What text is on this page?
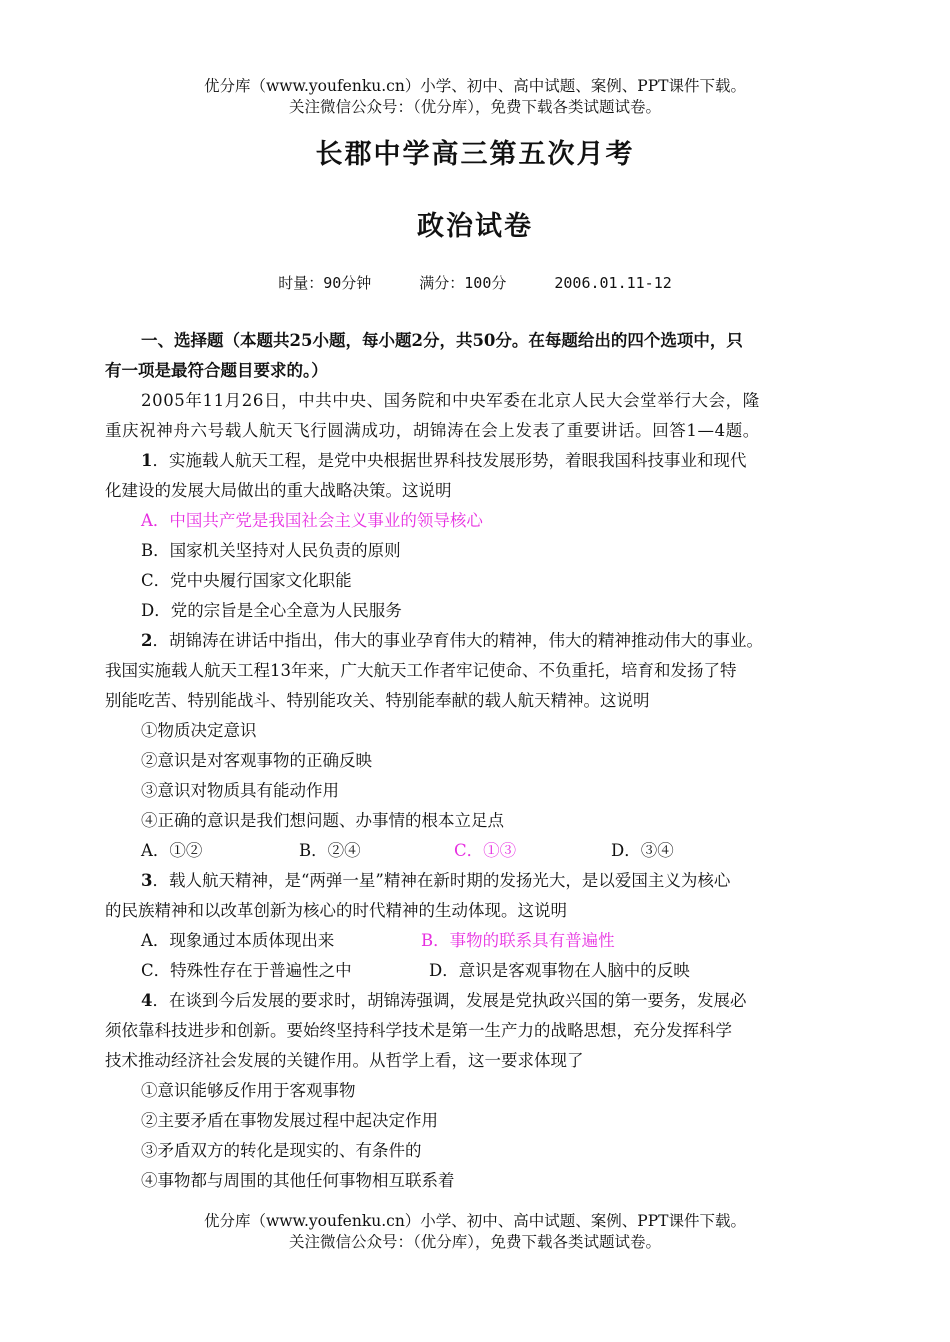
优分库（www.youfenku.cn）小学、初中、高中试题、案例、PPT课件下载。
关注微信公众号：（优分库），免费下载各类试题试卷。
长郡中学高三第五次月考
政治试卷
时量：90分钟	满分：100分	2006.01.11-12

一、选择题（本题共25小题，每小题2分，共50分。在每题给出的四个选项中，只
有一项是最符合题目要求的。）

2005年11月26日，中共中央、国务院和中央军委在北京人民大会堂举行大会，隆
重庆祝神舟六号载人航天飞行圆满成功，胡锦涛在会上发表了重要讲话。回答1—4题。

1．实施载人航天工程，是党中央根据世界科技发展形势，着眼我国科技事业和现代
化建设的发展大局做出的重大战略决策。这说明

A．中国共产党是我国社会主义事业的领导核心

B．国家机关坚持对人民负责的原则

C．党中央履行国家文化职能

D．党的宗旨是全心全意为人民服务

2．胡锦涛在讲话中指出，伟大的事业孕育伟大的精神，伟大的精神推动伟大的事业。
我国实施载人航天工程13年来，广大航天工作者牢记使命、不负重托，培育和发扬了特
别能吃苦、特别能战斗、特别能攻关、特别能奉献的载人航天精神。这说明

①物质决定意识

②意识是对客观事物的正确反映

③意识对物质具有能动作用

④正确的意识是我们想问题、办事情的根本立足点

A．①②	B．②④	C．①③	D．③④

3．载人航天精神，是“两弹一星”精神在新时期的发扬光大，是以爱国主义为核心
的民族精神和以改革创新为核心的时代精神的生动体现。这说明

A．现象通过本质体现出来	B．事物的联系具有普遍性

C．特殊性存在于普遍性之中	D．意识是客观事物在人脑中的反映

4．在谈到今后发展的要求时，胡锦涛强调，发展是党执政兴国的第一要务，发展必
须依靠科技进步和创新。要始终坚持科学技术是第一生产力的战略思想，充分发挥科学
技术推动经济社会发展的关键作用。从哲学上看，这一要求体现了

①意识能够反作用于客观事物

②主要矛盾在事物发展过程中起决定作用

③矛盾双方的转化是现实的、有条件的

④事物都与周围的其他任何事物相互联系着

优分库（www.youfenku.cn）小学、初中、高中试题、案例、PPT课件下载。
关注微信公众号：（优分库），免费下载各类试题试卷。
